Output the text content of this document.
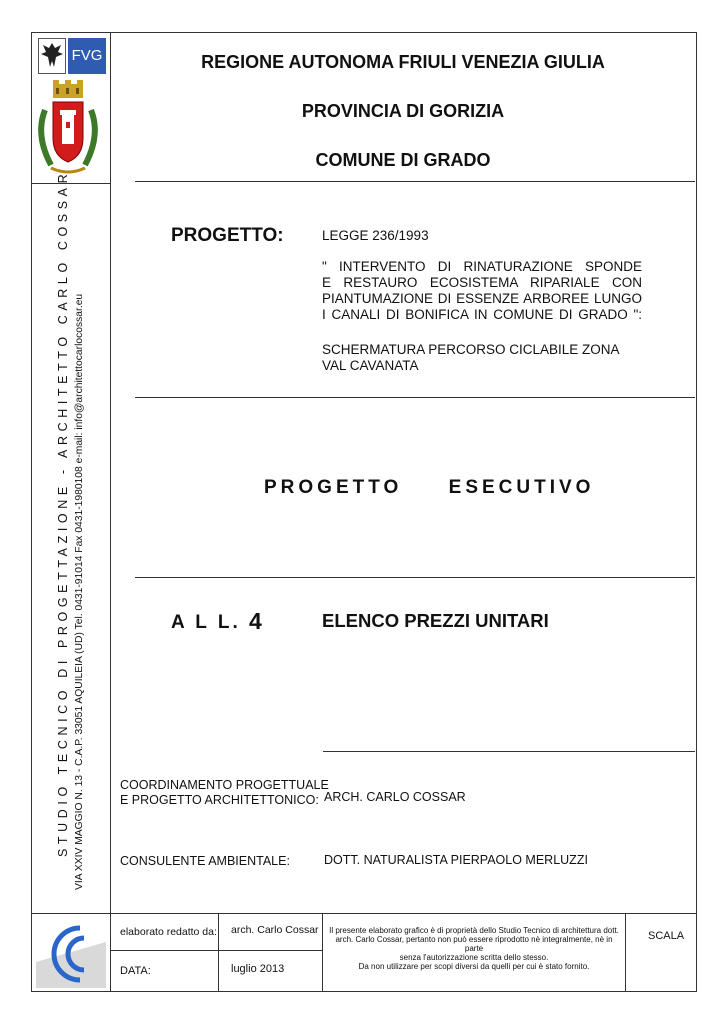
FVG
STUDIO TECNICO DI PROGETTAZIONE - ARCHITETTO CARLO COSSAR VIA XXIV MAGGIO N. 13 - C.A.P. 33051 AQUILEIA (UD) Tel. 0431-91014 Fax 0431-1980108 e-mail: info@architettocarlocossar.eu
REGIONE AUTONOMA FRIULI VENEZIA GIULIA
PROVINCIA DI GORIZIA
COMUNE DI GRADO
PROGETTO:	LEGGE 236/1993
" INTERVENTO DI RINATURAZIONE SPONDE
E RESTAURO ECOSISTEMA RIPARIALE CON
PIANTUMAZIONE DI ESSENZE ARBOREE LUNGO
I CANALI DI BONIFICA IN COMUNE DI GRADO ":
SCHERMATURA PERCORSO CICLABILE ZONA
VAL CAVANATA
PROGETTO     ESECUTIVO
A L L. 4	ELENCO PREZZI UNITARI
COORDINAMENTO PROGETTUALE
E PROGETTO ARCHITETTONICO: ARCH. CARLO COSSAR
CONSULENTE AMBIENTALE:	DOTT. NATURALISTA PIERPAOLO MERLUZZI
elaborato redatto da: arch. Carlo Cossar
DATA:	luglio 2013
Il presente elaborato grafico è di proprietà dello Studio Tecnico di architettura dott.
arch. Carlo Cossar, pertanto non può essere riprodotto nè integralmente, nè in parte
senza l'autorizzazione scritta dello stesso.
Da non utilizzare per scopi diversi da quelli per cui è stato fornito.
SCALA
